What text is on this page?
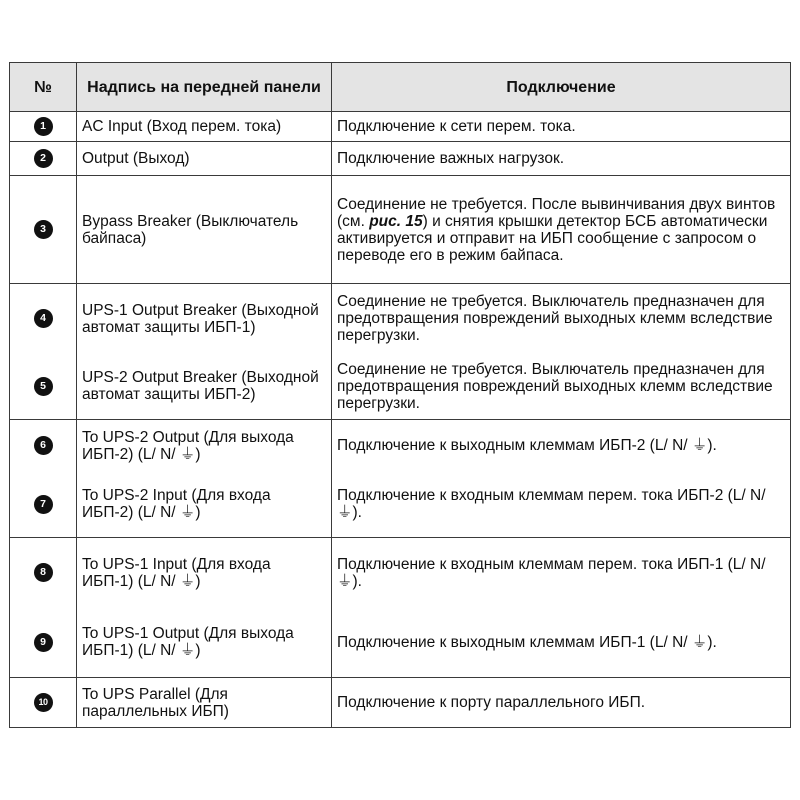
№	Надпись на передней панели	Подключение
1	AC Input (Вход перем. тока)	Подключение к сети перем. тока.
2	Output (Выход)	Подключение важных нагрузок.
3	Bypass Breaker (Выключатель байпаса)	Соединение не требуется. После вывинчивания двух винтов (см. рис. 15) и снятия крышки детектор БСБ автоматически активируется и отправит на ИБП сообщение с запросом о переводе его в режим байпаса.
4	UPS-1 Output Breaker (Выходной автомат защиты ИБП-1)	Соединение не требуется. Выключатель предназначен для предотвращения повреждений выходных клемм вследствие перегрузки.
5	UPS-2 Output Breaker (Выходной автомат защиты ИБП-2)	Соединение не требуется. Выключатель предназначен для предотвращения повреждений выходных клемм вследствие перегрузки.
6	To UPS-2 Output (Для выхода ИБП-2) (L/ N/ ⏚)	Подключение к выходным клеммам ИБП-2 (L/ N/ ⏚).
7	To UPS-2 Input (Для входа ИБП-2) (L/ N/ ⏚)	Подключение к входным клеммам перем. тока ИБП-2 (L/ N/ ⏚).
8	To UPS-1 Input (Для входа ИБП-1) (L/ N/ ⏚)	Подключение к входным клеммам перем. тока ИБП-1 (L/ N/ ⏚).
9	To UPS-1 Output (Для выхода ИБП-1) (L/ N/ ⏚)	Подключение к выходным клеммам ИБП-1 (L/ N/ ⏚).
10	To UPS Parallel (Для параллельных ИБП)	Подключение к порту параллельного ИБП.
